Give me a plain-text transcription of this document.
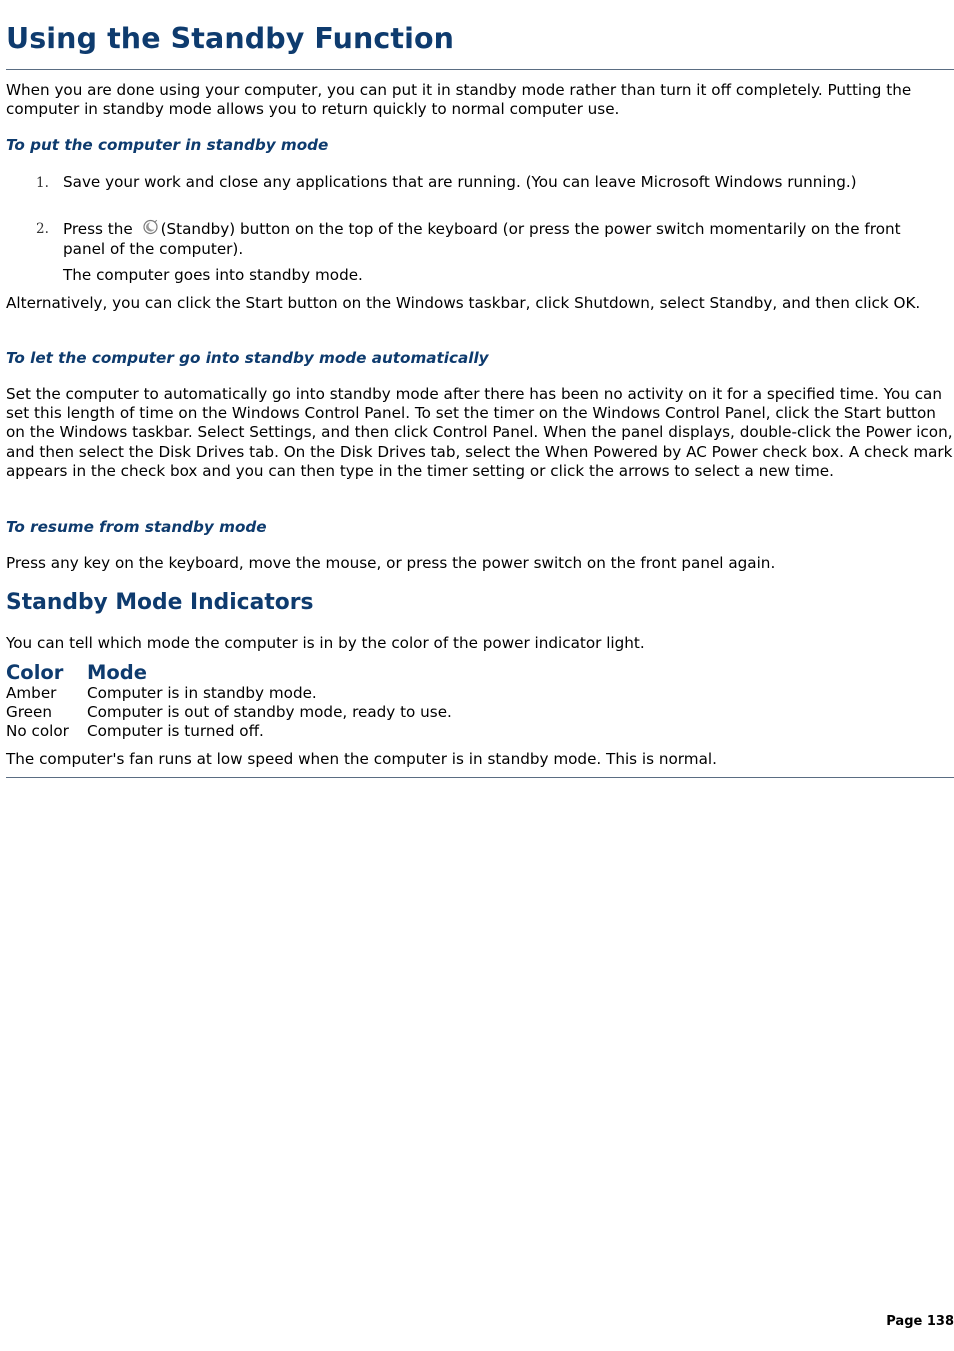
Using the Standby Function

When you are done using your computer, you can put it in standby mode rather than turn it off completely. Putting the computer in standby mode allows you to return quickly to normal computer use.

To put the computer in standby mode

1. Save your work and close any applications that are running. (You can leave Microsoft Windows running.)
2. Press the (Standby) button on the top of the keyboard (or press the power switch momentarily on the front panel of the computer).

The computer goes into standby mode.

Alternatively, you can click the Start button on the Windows taskbar, click Shutdown, select Standby, and then click OK.

To let the computer go into standby mode automatically

Set the computer to automatically go into standby mode after there has been no activity on it for a specified time. You can set this length of time on the Windows Control Panel. To set the timer on the Windows Control Panel, click the Start button on the Windows taskbar. Select Settings, and then click Control Panel. When the panel displays, double-click the Power icon, and then select the Disk Drives tab. On the Disk Drives tab, select the When Powered by AC Power check box. A check mark appears in the check box and you can then type in the timer setting or click the arrows to select a new time.

To resume from standby mode

Press any key on the keyboard, move the mouse, or press the power switch on the front panel again.

Standby Mode Indicators

You can tell which mode the computer is in by the color of the power indicator light.

Color Mode
Amber Computer is in standby mode.
Green Computer is out of standby mode, ready to use.
No color Computer is turned off.

The computer's fan runs at low speed when the computer is in standby mode. This is normal.

Page 138
